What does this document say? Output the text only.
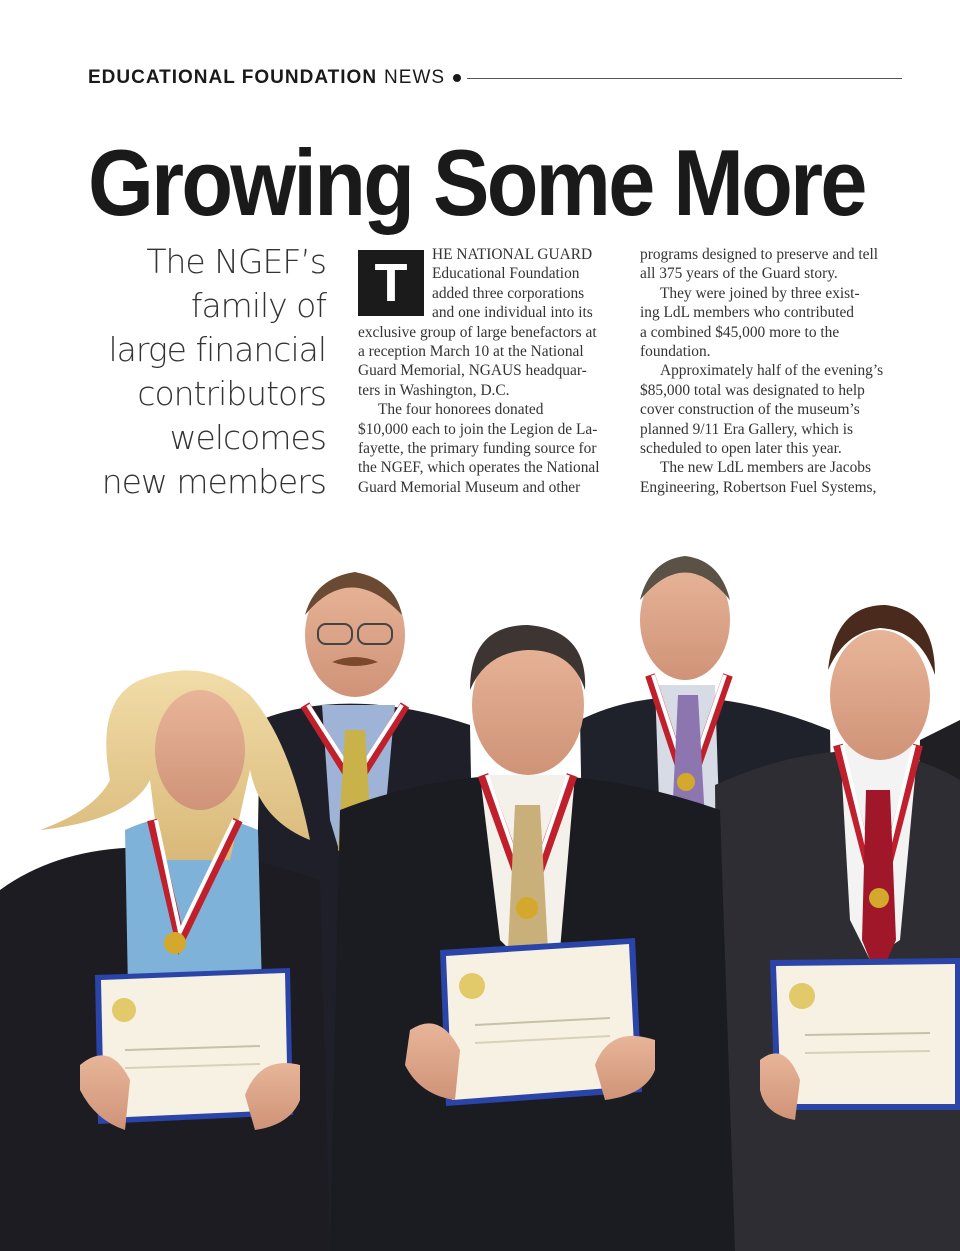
EDUCATIONAL FOUNDATION NEWS
Growing Some More
The NGEF’s
family of
large financial
contributors
welcomes
new members
T	HE NATIONAL GUARD
Educational Foundation
added three corporations
and one individual into its
exclusive group of large benefactors at
a reception March 10 at the National
Guard Memorial, NGAUS headquar-
ters in Washington, D.C.
The four honorees donated
$10,000 each to join the Legion de La-
fayette, the primary funding source for
the NGEF, which operates the National
Guard Memorial Museum and other
programs designed to preserve and tell
all 375 years of the Guard story.
They were joined by three exist-
ing LdL members who contributed
a combined $45,000 more to the
foundation.
Approximately half of the evening’s
$85,000 total was designated to help
cover construction of the museum’s
planned 9/11 Era Gallery, which is
scheduled to open later this year.
The new LdL members are Jacobs
Engineering, Robertson Fuel Systems,
